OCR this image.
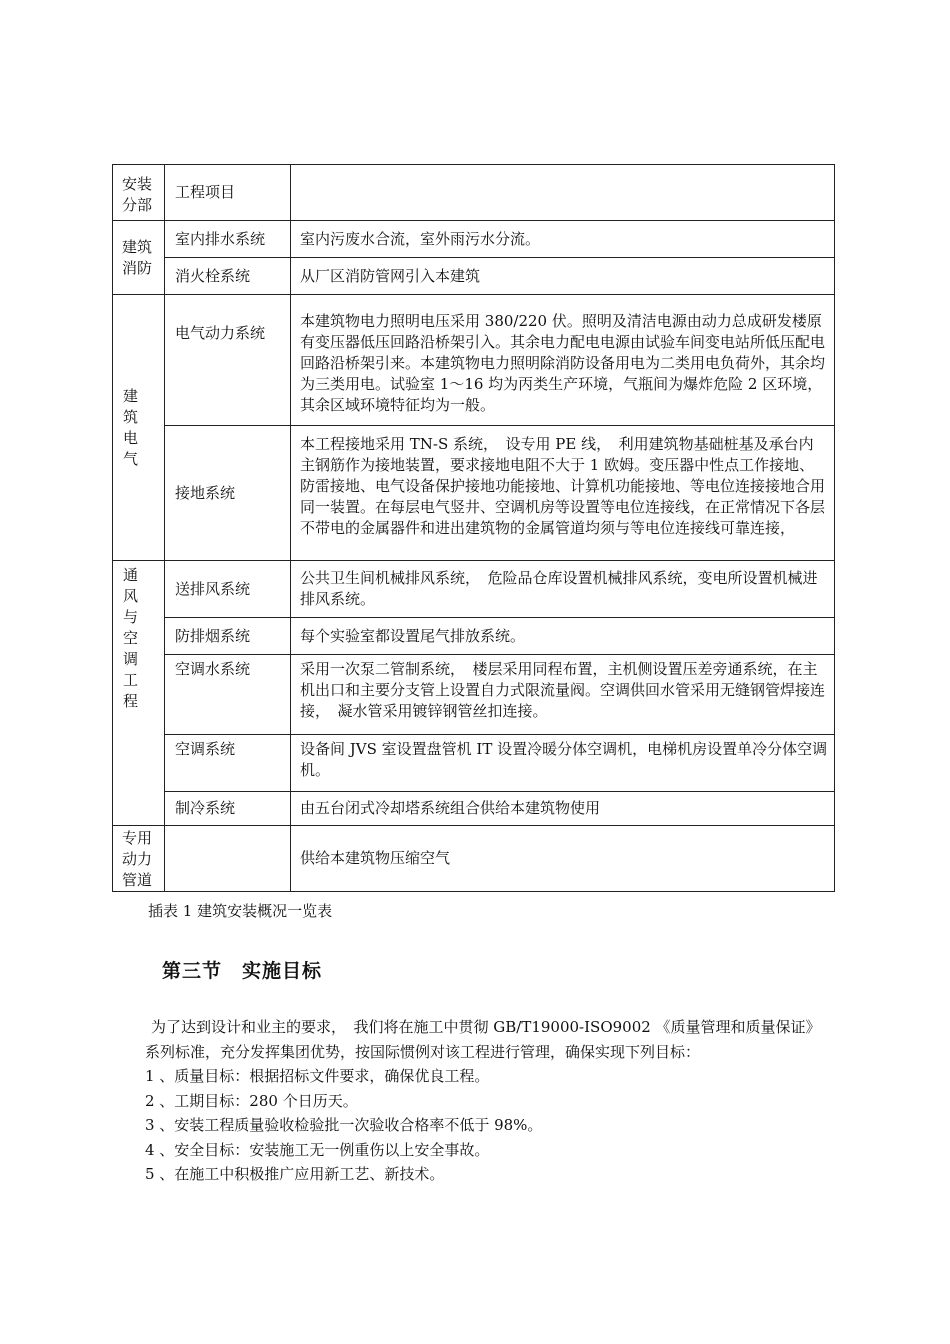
安装分部	工程项目	
建筑消防	室内排水系统	室内污废水合流，室外雨污水分流。
	消火栓系统	从厂区消防管网引入本建筑

建筑电气	电气动力系统	本建筑物电力照明电压采用 380/220 伏。照明及清洁电源由动力总成研发楼原有变压器低压回路沿桥架引入。其余电力配电电源由试验车间变电站所低压配电回路沿桥架引来。本建筑物电力照明除消防设备用电为二类用电负荷外，其余均为三类用电。试验室 1～16 均为丙类生产环境，气瓶间为爆炸危险 2 区环境，其余区域环境特征均为一般。
	接地系统	本工程接地采用 TN-S 系统，　设专用 PE 线，　利用建筑物基础桩基及承台内主钢筋作为接地装置，要求接地电阻不大于 1 欧姆。变压器中性点工作接地、防雷接地、电气设备保护接地功能接地、计算机功能接地、等电位连接接地合用同一装置。在每层电气竖井、空调机房等设置等电位连接线，在正常情况下各层不带电的金属器件和进出建筑物的金属管道均须与等电位连接线可靠连接，

通风与空调工程	送排风系统	公共卫生间机械排风系统，　危险品仓库设置机械排风系统，变电所设置机械进排风系统。
	防排烟系统	每个实验室都设置尾气排放系统。
	空调水系统	采用一次泵二管制系统，　楼层采用同程布置，主机侧设置压差旁通系统，在主机出口和主要分支管上设置自力式限流量阀。空调供回水管采用无缝钢管焊接连接，　凝水管采用镀锌钢管丝扣连接。
	空调系统	设备间 JVS 室设置盘管机 IT 设置冷暖分体空调机，电梯机房设置单冷分体空调机。
	制冷系统	由五台闭式冷却塔系统组合供给本建筑物使用
专用动力管道		供给本建筑物压缩空气
插表 1 建筑安装概况一览表
第三节　实施目标

为了达到设计和业主的要求，　我们将在施工中贯彻 GB/T19000-ISO9002 《质量管理和质量保证》系列标准，充分发挥集团优势，按国际惯例对该工程进行管理，确保实现下列目标：

1 、质量目标：根据招标文件要求，确保优良工程。

2 、工期目标：280 个日历天。

3 、安装工程质量验收检验批一次验收合格率不低于 98%。

4 、安全目标：安装施工无一例重伤以上安全事故。

5 、在施工中积极推广应用新工艺、新技术。
